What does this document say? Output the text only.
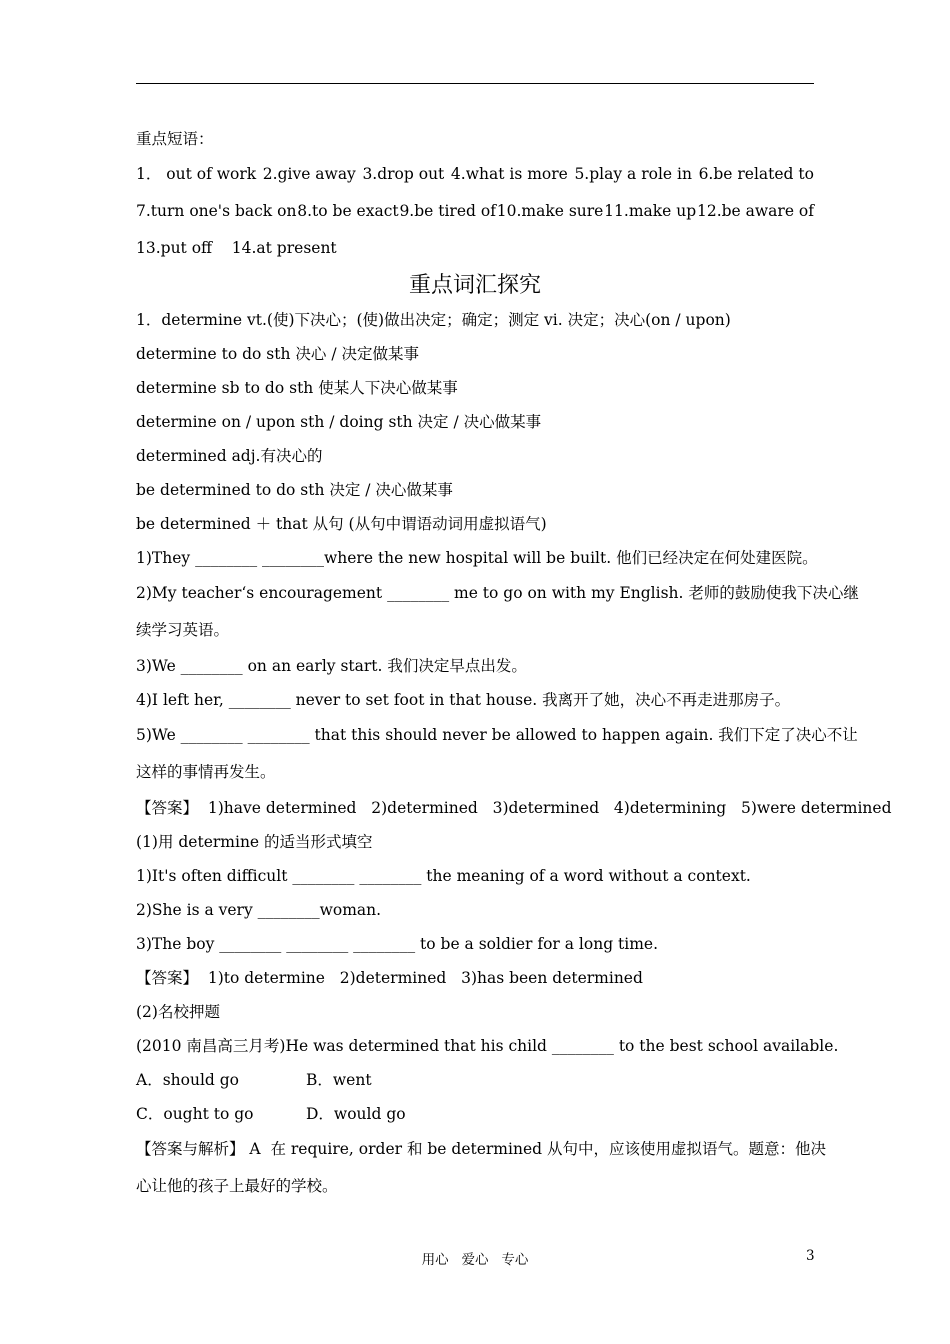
重点短语：
1． out of work 2.give away 3.drop out 4.what is more 5.play a role in 6.be related to
7.turn one's back on 8.to be exact 9.be tired of 10.make sure 11.make up 12.be aware of
13.put off    14.at present
重点词汇探究
1．determine vt.(使)下决心；(使)做出决定；确定；测定 vi. 决定；决心(on / upon)
determine to do sth 决心 / 决定做某事
determine sb to do sth 使某人下决心做某事
determine on / upon sth / doing sth 决定 / 决心做某事
determined adj.有决心的
be determined to do sth 决定 / 决心做某事
be determined ＋ that 从句 (从句中谓语动词用虚拟语气)
1)They ________ ________where the new hospital will be built. 他们已经决定在何处建医院。
2)My teacher‘s encouragement ________ me to go on with my English. 老师的鼓励使我下决心继
续学习英语。
3)We ________ on an early start. 我们决定早点出发。
4)I left her, ________ never to set foot in that house. 我离开了她，决心不再走进那房子。
5)We ________ ________ that this should never be allowed to happen again. 我们下定了决心不让
这样的事情再发生。
【答案】  1)have determined   2)determined   3)determined   4)determining   5)were determined
(1)用 determine 的适当形式填空
1)It's often difficult ________ ________ the meaning of a word without a context.
2)She is a very ________woman.
3)The boy ________ ________ ________ to be a soldier for a long time.
【答案】  1)to determine   2)determined   3)has been determined
(2)名校押题
(2010 南昌高三月考)He was determined that his child ________ to the best school available.
A．should go	B．went
C．ought to go	D．would go
【答案与解析】 A  在 require, order 和 be determined 从句中，应该使用虚拟语气。题意：他决
心让他的孩子上最好的学校。
用心   爱心   专心	3
